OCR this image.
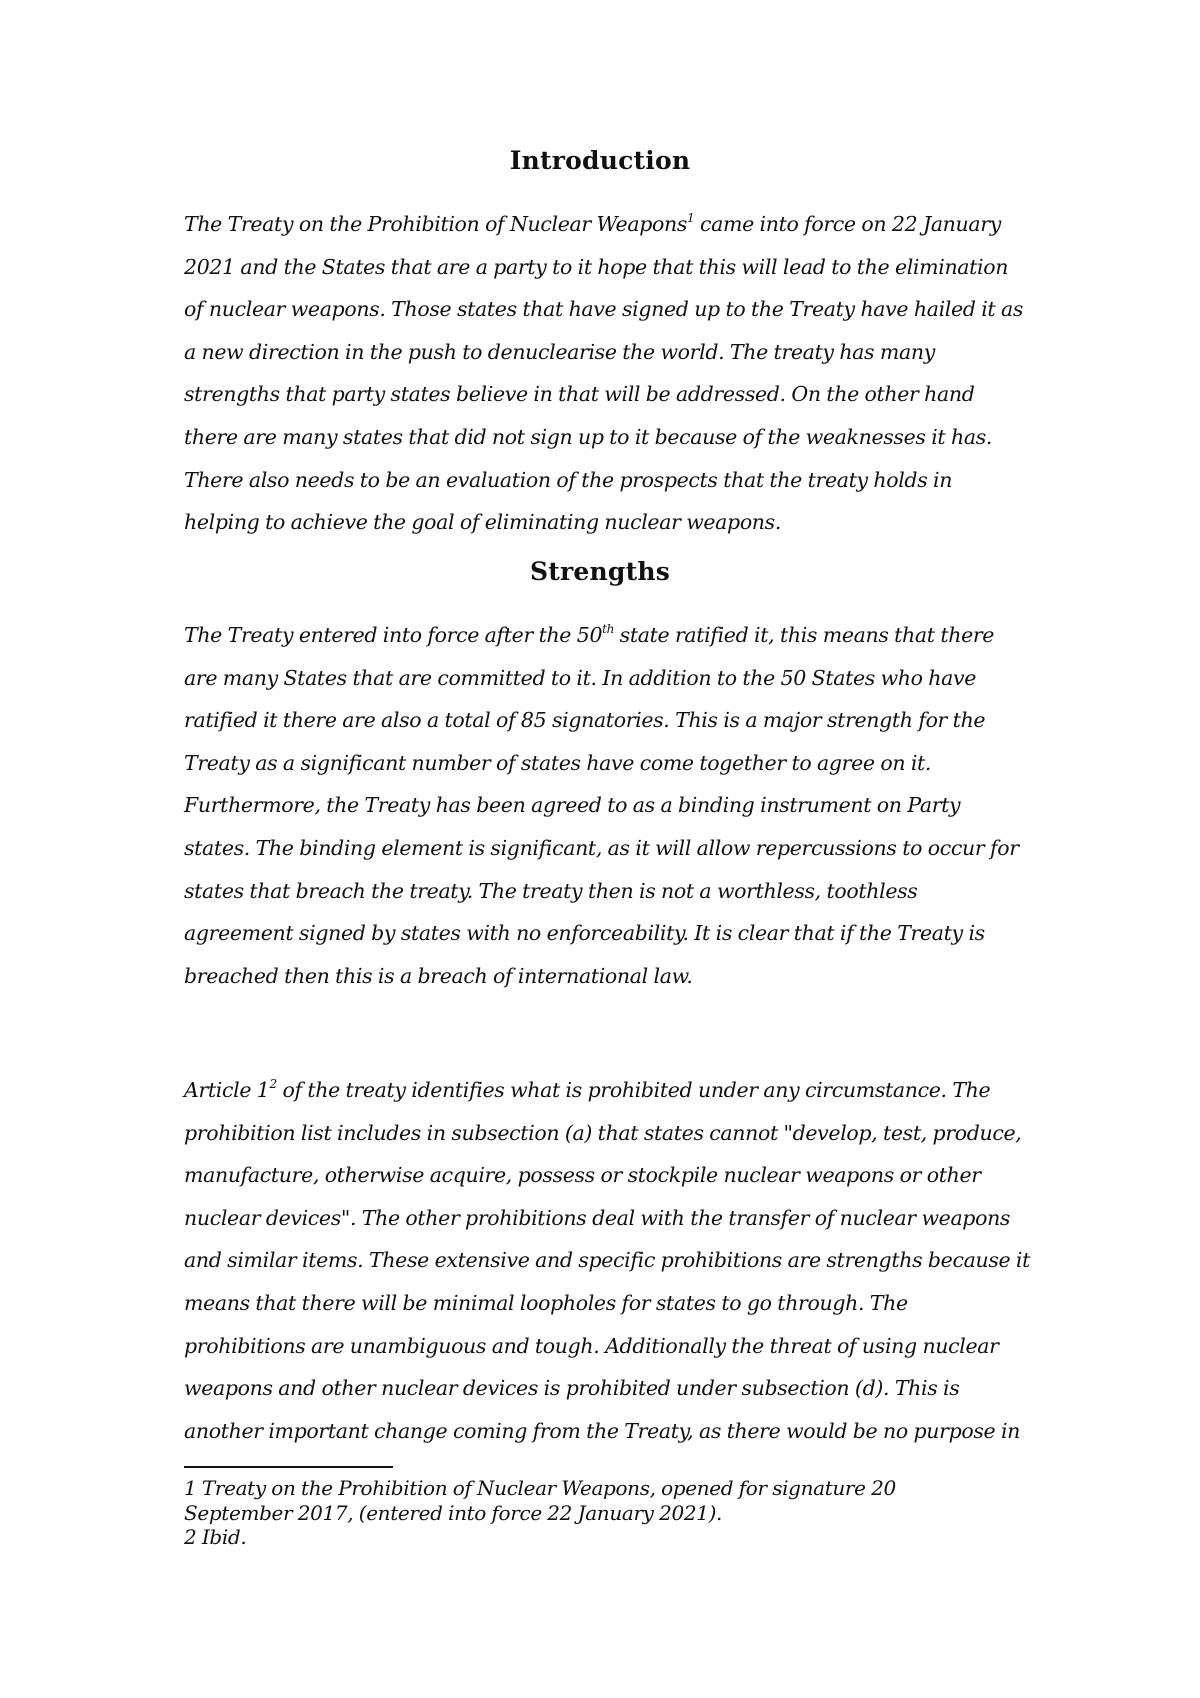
Introduction
The Treaty on the Prohibition of Nuclear Weapons$^1$ came into force on 22 January
2021 and the States that are a party to it hope that this will lead to the elimination
of nuclear weapons. Those states that have signed up to the Treaty have hailed it as
a new direction in the push to denuclearise the world. The treaty has many
strengths that party states believe in that will be addressed. On the other hand
there are many states that did not sign up to it because of the weaknesses it has.
There also needs to be an evaluation of the prospects that the treaty holds in
helping to achieve the goal of eliminating nuclear weapons.
Strengths
The Treaty entered into force after the 50th state ratified it, this means that there
are many States that are committed to it. In addition to the 50 States who have
ratified it there are also a total of 85 signatories. This is a major strength for the
Treaty as a significant number of states have come together to agree on it.
Furthermore, the Treaty has been agreed to as a binding instrument on Party
states. The binding element is significant, as it will allow repercussions to occur for
states that breach the treaty. The treaty then is not a worthless, toothless
agreement signed by states with no enforceability. It is clear that if the Treaty is
breached then this is a breach of international law.
Article $1^2$ of the treaty identifies what is prohibited under any circumstance. The
prohibition list includes in subsection (a) that states cannot "develop, test, produce,
manufacture, otherwise acquire, possess or stockpile nuclear weapons or other
nuclear devices". The other prohibitions deal with the transfer of nuclear weapons
and similar items. These extensive and specific prohibitions are strengths because it
means that there will be minimal loopholes for states to go through. The
prohibitions are unambiguous and tough. Additionally the threat of using nuclear
weapons and other nuclear devices is prohibited under subsection (d). This is
another important change coming from the Treaty, as there would be no purpose in
1 Treaty on the Prohibition of Nuclear Weapons, opened for signature 20
September 2017, (entered into force 22 January 2021).
2 Ibid.
